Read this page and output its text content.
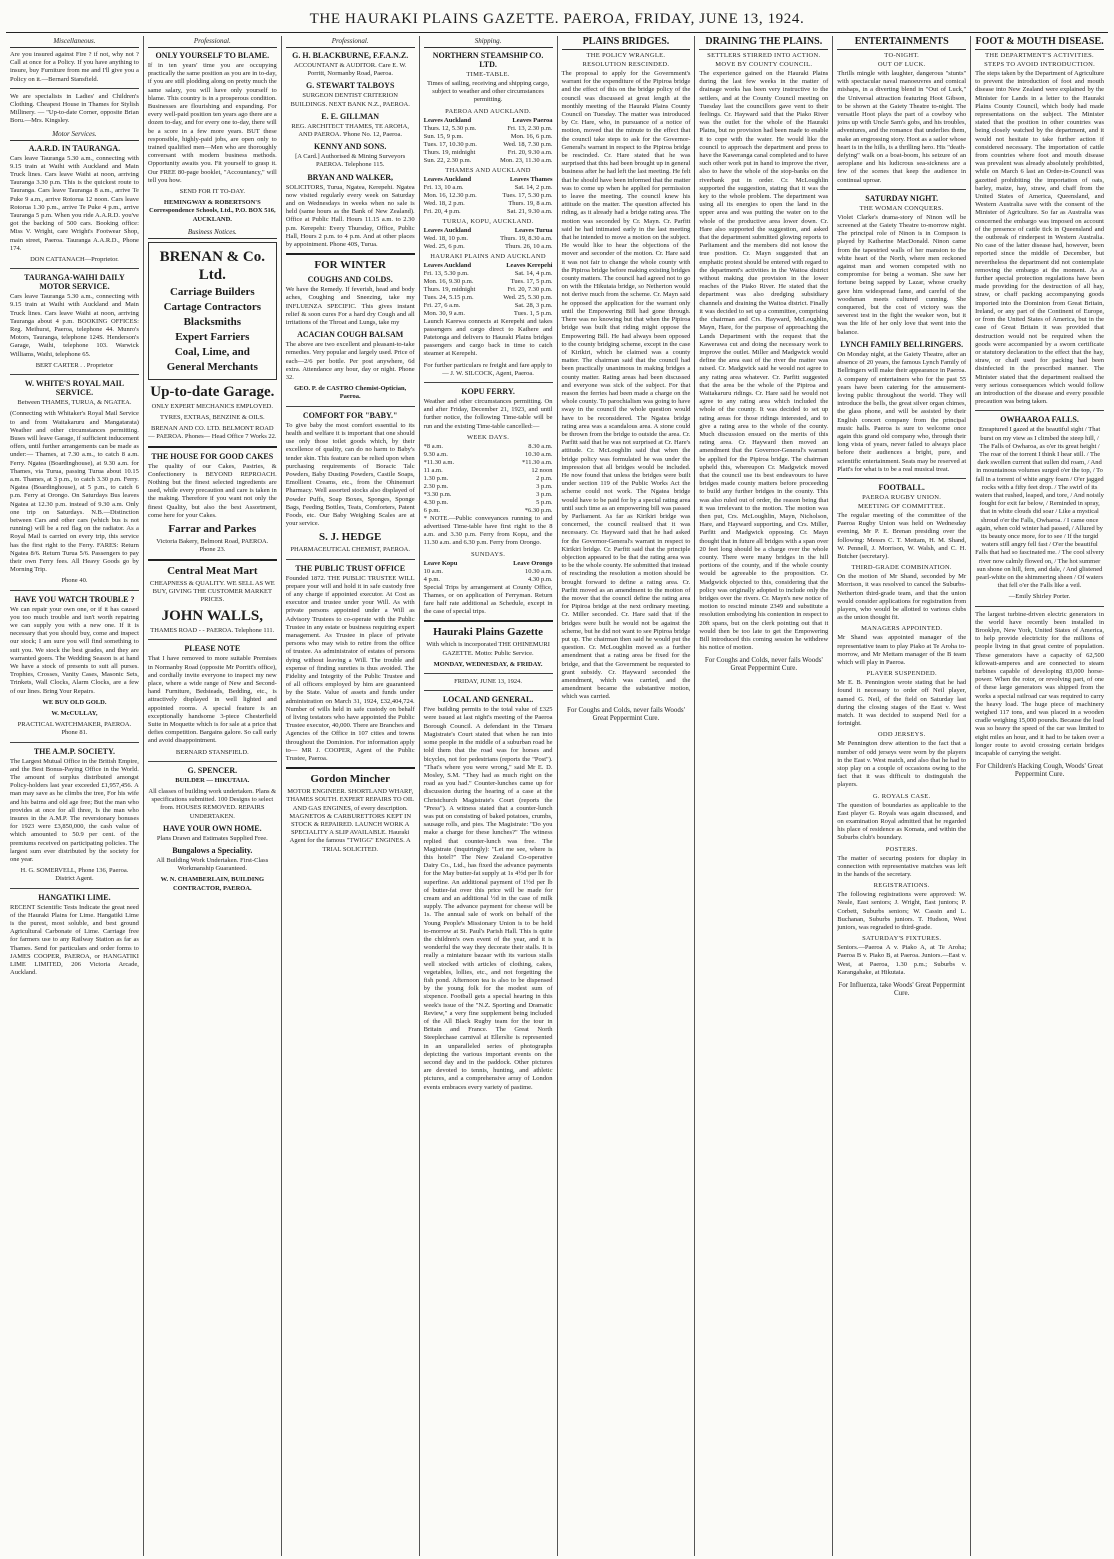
THE HAURAKI PLAINS GAZETTE. PAEROA, FRIDAY, JUNE 13, 1924.
Miscellaneous.

Are you insured against Fire ? if not, why not ? Call at once for a Policy. If you have anything to insure, buy Furniture from me and I'll give you a Policy on it.—Bernard Stansfield.

We are specialists in Ladies' and Children's Clothing. Cheapest House in Thames for Stylish Millinery. — "Up-to-date Corner, opposite Brian Boru.—Mrs. Kingsley.

Motor Services.
A.A.R.D. IN TAURANGA.

Cars leave Tauranga 5.30 a.m., connecting with 9.15 train at Waihi with Auckland and Main Truck lines. Cars leave Waihi at noon, arriving Tauranga 3.30 p.m. This is the quickest route to Tauranga. Cars leave Tauranga 8 a.m., arrive Te Puke 9 a.m., arrive Rotorua 12 noon. Cars leave Rotorua 1.30 p.m., arrive Te Puke 4 p.m., arrive Tauranga 5 p.m. When you ride A.A.R.D. you've got the backing of 500 cars. Booking office: Miss V. Wright, care Wright's Footwear Shop, main street, Paeroa. Tauranga A.A.R.D., Phone 174.

DON CATTANACH—Proprietor.

TAURANGA-WAIHI DAILY MOTOR SERVICE.

Cars leave Tauranga 5.30 a.m., connecting with 9.15 train at Waihi with Auckland and Main Truck lines. Cars leave Waihi at noon, arriving Tauranga about 4 p.m. BOOKING OFFICES: Reg. Meihurst, Paeroa, telephone 44. Munro's Motors, Tauranga, telephone 124S. Henderson's Garage, Waihi, telephone 103. Warwick Williams, Waihi, telephone 65.

BERT CARTER . . Proprietor

W. WHITE'S ROYAL MAIL SERVICE.

Between THAMES, TURUA, & NGATEA.

(Connecting with Whitaker's Royal Mail Service to and from Waitakaruru and Mangatarata) Weather and other circumstances permitting. Buses will leave Garage, if sufficient inducement offers, until further arrangements can be made as under:— Thames, at 7.30 a.m., to catch 8 a.m. Ferry. Ngatea (Boardinghouse), at 9.30 a.m. for Thames, via Turua, passing Turua about 10.15 a.m. Thames, at 3 p.m., to catch 3.30 p.m. Ferry. Ngatea (Boardinghouse), at 5 p.m., to catch 6 p.m. Ferry at Orongo. On Saturdays Bus leaves Ngatea at 12.30 p.m. instead of 9.30 a.m. Only one trip on Saturdays. N.B.—Distinction between Cars and other cars (which bus is not running) will be a red flag on the radiator. As a Royal Mail is carried on every trip, this service has the first right to the Ferry. FARES: Return Ngatea 8/6. Return Turua 5/6. Passengers to pay their own Ferry fees. All Heavy Goods go by Morning Trip.

Phone 40.

HAVE YOU WATCH TROUBLE ?

We can repair your own one, or if it has caused you too much trouble and isn't worth repairing we can supply you with a new one. If it is necessary that you should buy, come and inspect our stock; I am sure you will find something to suit you. We stock the best grades, and they are warranted goers. The Wedding Season is at hand We have a stock of presents to suit all purses. Trophies, Crosses, Vanity Cases, Masonic Sets, Trinkets, Wall Clocks, Alarm Clocks, are a few of our lines. Bring Your Repairs.

WE BUY OLD GOLD.

W. McCULLAY,

PRACTICAL WATCHMAKER, PAEROA. Phone 81.

THE A.M.P. SOCIETY.

The Largest Mutual Office in the British Empire, and the Best Bonus-Paying Office in the World. The amount of surplus distributed amongst Policy-holders last year exceeded £1,957,456. A man may save as he climbs the tree, For his wife and his bairns and old age free; But the man who provides at once for all three, Is the man who insures in the A.M.P. The reversionary bonuses for 1923 were £3,850,000, the cash value of which amounted to 50.9 per cent. of the premiums received on participating policies. The largest sum ever distributed by the society for one year.

H. G. SOMERVELL, Phone 136, Paeroa. District Agent.

HANGATIKI LIME.

RECENT Scientific Tests Indicate the great need of the Hauraki Plains for Lime. Hangatiki Lime is the purest, most soluble, and best ground Agricultural Carbonate of Lime. Carriage free for farmers use to any Railway Station as far as Thames. Send for particulars and order forms to JAMES COOPER, PAEROA, or HANGATIKI LIME LIMITED, 206 Victoria Arcade, Auckland.

Professional.
ONLY YOURSELF TO BLAME.

If in ten years' time you are occupying practically the same position as you are in to-day, if you are still plodding along on pretty much the same salary, you will have only yourself to blame. This country is in a prosperous condition. Businesses are flourishing and expanding. For every well-paid position ten years ago there are a dozen to-day, and for every one to-day, there will be a score in a few more years. BUT these responsible, highly-paid jobs, are open only to trained qualified men—Men who are thoroughly conversant with modern business methods. Opportunity awaits you. Fit yourself to grasp it. Our FREE 80-page booklet, "Accountancy," will tell you how.

SEND FOR IT TO-DAY.

HEMINGWAY & ROBERTSON'S Correspondence Schools, Ltd., P.O. BOX 516, AUCKLAND.

Business Notices.
BRENAN & Co. Ltd.
Carriage Builders
Cartage Contractors
Blacksmiths
Expert Farriers
Coal, Lime, and
General Merchants
Up-to-date Garage.

ONLY EXPERT MECHANICS EMPLOYED.

TYRES, EXTRAS, BENZINE & OILS.

BRENAN AND CO. LTD. BELMONT ROAD — PAEROA. Phones— Head Office 7 Works 22.

THE HOUSE FOR GOOD CAKES

The quality of our Cakes, Pastries, & Confectionery is BEYOND REPROACH. Nothing but the finest selected ingredients are used, while every precaution and care is taken in the making. Therefore if you want not only the finest Quality, but also the best Assortment, come here for your Cakes.

Farrar and Parkes

Victoria Bakery, Belmont Road, PAEROA. Phone 23.

Central Meat Mart

CHEAPNESS & QUALITY. WE SELL AS WE BUY, GIVING THE CUSTOMER MARKET PRICES.

JOHN WALLS,

THAMES ROAD - - PAEROA. Telephone 111.

PLEASE NOTE

That I have removed to more suitable Premises in Normanby Road (opposite Mr Porritt's office), and cordially invite everyone to inspect my new place, where a wide range of New and Second-hand Furniture, Bedsteads, Bedding, etc., is attractively displayed in well lighted and appointed rooms. A special feature is an exceptionally handsome 3-piece Chesterfield Suite in Moquette which is for sale at a price that defies competition. Bargains galore. So call early and avoid disappointment.

BERNARD STANSFIELD.

G. SPENCER.

BUILDER — HIKUTAIA.

All classes of building work undertaken. Plans & specifications submitted. 100 Designs to select from. HOUSES REMOVED. REPAIRS UNDERTAKEN.

HAVE YOUR OWN HOME.

Plans Drawn and Estimates Supplied Free.

Bungalows a Speciality.

All Building Work Undertaken. First-Class Workmanship Guaranteed.

W. N. CHAMBERLAIN, BUILDING CONTRACTOR, PAEROA.

Professional.
G. H. BLACKBURNE, F.F.A.N.Z.

ACCOUNTANT & AUDITOR. Care E. W. Porritt, Normanby Road, Paeroa.

G. STEWART TALBOYS

SURGEON DENTIST CRITERION BUILDINGS. NEXT BANK N.Z., PAEROA.

E. E. GILLMAN

REG. ARCHITECT THAMES, TE AROHA, AND PAEROA. 'Phone No. 12, Paeroa.

KENNY AND SONS.

[A Card.] Authorised & Mining Surveyors PAEROA. Telephone 115.

BRYAN AND WALKER,

SOLICITORS, Turua, Ngatea, Kerepehi. Ngatea now visited regularly every week on Saturday and on Wednesdays in weeks when no sale is held (same hours as the Bank of New Zealand). Office at Public Hall. Hours 11.15 a.m. to 2.30 p.m. Kerepehi: Every Thursday, Office, Public Hall, Hours 2 p.m. to 4 p.m. And at other places by appointment. Phone 40S, Turua.

FOR WINTER
COUGHS AND COLDS.

We have the Remedy. If feverish, head and body aches, Coughing and Sneezing, take my INFLUENZA SPECIFIC. This gives instant relief & soon cures For a hard dry Cough and all irritations of the Throat and Lungs, take my

ACACIAN COUGH BALSAM

The above are two excellent and pleasant-to-take remedies. Very popular and largely used. Price of each—2/6 per bottle. Per post anywhere, 6d extra. Attendance any hour, day or night. Phone 32.

GEO. P. de CASTRO Chemist-Optician, Paeroa.

COMFORT FOR "BABY."

To give baby the most comfort essential to its health and welfare it is important that one should use only those toilet goods which, by their excellence of quality, can do no harm to Baby's tender skin. This feature can be relied upon when purchasing requirements of Boracic Talc Powders, Baby Dusting Powders, Castile Soaps, Emollient Creams, etc., from the Ohinemuri Pharmacy. Well assorted stocks also displayed of Powder Puffs, Soap Boxes, Sponges, Sponge Bags, Feeding Bottles, Teats, Comforters, Patent Foods, etc. Our Baby Weighing Scales are at your service.

S. J. HEDGE

PHARMACEUTICAL CHEMIST, PAEROA.

THE PUBLIC TRUST OFFICE

Founded 1872. THE PUBLIC TRUSTEE WILL prepare your will and hold it in safe custody free of any charge if appointed executor. At Cost as executor and trustee under your Will. As with private persons appointed under a Will as Advisory Trustees to co-operate with the Public Trustee in any estate or business requiring expert management. As Trustee in place of private persons who may wish to retire from the office of trustee. As administrator of estates of persons dying without leaving a Will. The trouble and expense of finding sureties is thus avoided. The Fidelity and Integrity of the Public Trustee and of all officers employed by him are guaranteed by the State. Value of assets and funds under administration on March 31, 1924, £32,404,724. Number of wills held in safe custody on behalf of living testators who have appointed the Public Trustee executor, 40,000. There are Branches and Agencies of the Office in 107 cities and towns throughout the Dominion. For information apply to— MR J. COOPER, Agent of the Public Trustee, Paeroa.

Gordon Mincher

MOTOR ENGINEER. SHORTLAND WHARF, THAMES SOUTH. EXPERT REPAIRS TO OIL AND GAS ENGINES, of every description. MAGNETOS & CARBURETTORS KEPT IN STOCK & REPAIRED. LAUNCH WORK A SPECIALITY A SLIP AVAILABLE. Hauraki Agent for the famous "TWIGG" ENGINES. A TRIAL SOLICITED.

Shipping.
NORTHERN STEAMSHIP CO. LTD.
TIME-TABLE.

Times of sailing, receiving and shipping cargo, subject to weather and other circumstances permitting.

PAEROA AND AUCKLAND.
Leaves Auckland	Leaves Paeroa
Thurs. 12, 5.30 p.m.	Fri. 13, 2.30 p.m.
Sun. 15, 9 p.m.	Mon. 16, 6 p.m.
Tues. 17, 10.30 p.m.	Wed. 18, 7.30 p.m.
Thurs. 19, midnight	Fri. 20, 9.30 a.m.
Sun. 22, 2.30 p.m.	Mon. 23, 11.30 a.m.
THAMES AND AUCKLAND
Leaves Auckland	Leaves Thames
Fri. 13, 10 a.m.	Sat. 14, 2 p.m.
Mon. 16, 12.30 p.m.	Tues. 17, 5.30 p.m.
Wed. 18, 2 p.m.	Thurs. 19, 8 a.m.
Fri. 20, 4 p.m.	Sat. 21, 9.30 a.m.
TURUA, KOPU, AUCKLAND.
Leaves Auckland	Leaves Turua
Wed. 18, 10 p.m.	Thurs. 19, 8.30 a.m.
Wed. 25, 6 p.m.	Thurs. 26, 10 a.m.
HAURAKI PLAINS AND AUCKLAND
Leaves Auckland	Leaves Kerepehi
Fri. 13, 5.30 p.m.	Sat. 14, 4 p.m.
Mon. 16, 9.30 p.m.	Tues. 17, 5 p.m.
Thurs. 19, midnight	Fri. 20, 7.30 p.m.
Tues. 24, 5.15 p.m.	Wed. 25, 5.30 p.m.
Fri. 27, 6 a.m.	Sat. 28, 3 p.m.
Mon. 30, 9 a.m.	Tues. 1, 5 p.m.

Launch Karewa connects at Kerepehi and takes passengers and cargo direct to Kaihere and Patetonga and delivers to Hauraki Plains bridges passengers and cargo back in time to catch steamer at Kerepehi.

For further particulars re freight and fare apply to— J. W. SILCOCK, Agent, Paeroa.

KOPU FERRY.

Weather and other circumstances permitting. On and after Friday, December 21, 1923, and until further notice, the following Time-table will be run and the existing Time-table cancelled:—

WEEK DAYS.
*8 a.m.	8.30 a.m.
9.30 a.m.	10.30 a.m.
*11.30 a.m.	*11.30 a.m.
11 a.m.	12 noon
1.30 p.m.	2 p.m.
2.30 p.m.	3 p.m.
*3.30 p.m.	3 p.m.
4.30 p.m.	5 p.m.
6 p.m.	*6.30 p.m.

* NOTE.—Public conveyances running to and advertised Time-table have first right to the 8 a.m. and 3.30 p.m. Ferry from Kopu, and the 11.30 a.m. and 6.30 p.m. Ferry from Orongo.

SUNDAYS.
Leave Kopu	Leave Orongo
10 a.m.	10.30 a.m.
4 p.m.	4.30 p.m.

Special Trips by arrangement at County Office, Thames, or on application of Ferryman. Return fare half rate additional as Schedule, except in the case of special trips.

Hauraki Plains Gazette

With which is incorporated THE OHINEMURI GAZETTE. Motto: Public Service.

MONDAY, WEDNESDAY, & FRIDAY.

FRIDAY, JUNE 13, 1924.

LOCAL AND GENERAL.

Five building permits to the total value of £325 were issued at last night's meeting of the Paeroa Borough Council. A defendant in the Timaru Magistrate's Court stated that when he ran into some people in the middle of a suburban road he told them that the road was for horses and bicycles, not for pedestrians (reports the "Post"). "That's where you were wrong," said Mr E. D. Mosley, S.M. "They had as much right on the road as you had." Counter-lunches came up for discussion during the hearing of a case at the Christchurch Magistrate's Court (reports the "Press"). A witness stated that a counter-lunch was put on consisting of baked potatoes, crumbs, sausage rolls, and pies. The Magistrate: "Do you make a charge for these lunches?" The witness replied that counter-lunch was free. The Magistrate (inquiringly): "Let me see, where is this hotel?" The New Zealand Co-operative Dairy Co., Ltd., has fixed the advance payments for the May butter-fat supply at 1s 4½d per lb for superfine. An additional payment of 1½d per lb of butter-fat over this price will be made for cream and an additional ½d in the case of milk supply. The advance payment for cheese will be 1s. The annual sale of work on behalf of the Young People's Missionary Union is to be held to-morrow at St. Paul's Parish Hall. This is quite the children's own event of the year, and it is wonderful the way they decorate their stalls. It is really a miniature bazaar with its various stalls well stocked with articles of clothing, cakes, vegetables, lollies, etc., and not forgetting the fish pond. Afternoon tea is also to be dispensed by the young folk for the modest sum of sixpence. Football gets a special hearing in this week's issue of the "N.Z. Sporting and Dramatic Review," a very fine supplement being included of the All Black Rugby team for the tour in Britain and France. The Great North Steeplechase carnival at Ellerslie is represented in an unparalleled series of photographs depicting the various important events on the second day and in the paddock. Other pictures are devoted to tennis, hunting, and athletic pictures, and a comprehensive array of London events embraces every variety of pastime.

PLAINS BRIDGES.
THE POLICY WRANGLE.
RESOLUTION RESCINDED.

The proposal to apply for the Government's warrant for the expenditure of the Pipiroa bridge and the effect of this on the bridge policy of the council was discussed at great length at the monthly meeting of the Hauraki Plains County Council on Tuesday. The matter was introduced by Cr. Hare, who, in pursuance of a notice of motion, moved that the minute to the effect that the council take steps to ask for the Governor-General's warrant in respect to the Pipiroa bridge be rescinded. Cr. Hare stated that he was surprised that this had been brought up in general business after he had left the last meeting. He felt that he should have been informed that the matter was to come up when he applied for permission to leave the meeting. The council knew his attitude on the matter. The question affected his riding, as it already had a bridge rating area. The motion was seconded by Cr. Mayn. Cr. Parfitt said he had intimated early in the last meeting that he intended to move a motion on the subject. He would like to hear the objections of the mover and seconder of the motion. Cr. Hare said it was not fair to change the whole county with the Pipiroa bridge before making existing bridges county matters. The council had agreed not to go on with the Hikutaia bridge, so Netherton would not derive much from the scheme. Cr. Mayn said he opposed the application for the warrant only until the Empowering Bill had gone through. There was no knowing but that when the Pipiroa bridge was built that riding might oppose the Empowering Bill. He had always been opposed to the county bridging scheme, except in the case of Kirikiri, which he claimed was a county matter. The chairman said that the council had been practically unanimous in making bridges a county matter. Rating areas had been discussed and everyone was sick of the subject. For that reason the ferries had been made a charge on the whole county. To parochialism was going to have sway in the council the whole question would have to be reconsidered. The Ngatea bridge rating area was a scandalous area. A stone could be thrown from the bridge to outside the area. Cr. Parfitt said that he was not surprised at Cr. Hare's attitude. Cr. McLoughlin said that when the bridge policy was formulated he was under the impression that all bridges would be included. He now found that unless the bridges were built under section 119 of the Public Works Act the scheme could not work. The Ngatea bridge would have to be paid for by a special rating area until such time as an empowering bill was passed by Parliament. As far as Kirikiri bridge was concerned, the council realised that it was necessary. Cr. Hayward said that he had asked for the Governor-General's warrant in respect to Kirikiri bridge. Cr. Parfitt said that the principle objection appeared to be that the rating area was to be the whole county. He submitted that instead of rescinding the resolution a motion should be brought forward to define a rating area. Cr. Parfitt moved as an amendment to the motion of the mover that the council define the rating area for Pipiroa bridge at the next ordinary meeting. Cr. Miller seconded. Cr. Hare said that if the bridges were built he would not be against the scheme, but he did not want to see Pipiroa bridge put up. The chairman then said he would put the question. Cr. McLoughlin moved as a further amendment that a rating area be fixed for the bridge, and that the Government be requested to grant subsidy. Cr. Hayward seconded the amendment, which was carried, and the amendment became the substantive motion, which was carried.

For Coughs and Colds, never fails Woods' Great Peppermint Cure.
DRAINING THE PLAINS.
SETTLERS STIRRED INTO ACTION.
MOVE BY COUNTY COUNCIL.

The experience gained on the Hauraki Plains during the last few weeks in the matter of drainage works has been very instructive to the settlers, and at the County Council meeting on Tuesday last the councillors gave vent to their feelings. Cr. Hayward said that the Piako River was the outlet for the whole of the Hauraki Plains, but no provision had been made to enable it to cope with the water. He would like the council to approach the department and press to have the Kaweranga canal completed and to have such other work put in hand to improve the river, also to have the whole of the stop-banks on the riverbank put in order. Cr. McLoughlin supported the suggestion, stating that it was the key to the whole problem. The department was using all its energies to open the land in the upper area and was putting the water on to the whole of the productive area lower down. Cr. Hare also supported the suggestion, and asked that the department submitted glowing reports to Parliament and the members did not know the true position. Cr. Mayn suggested that an emphatic protest should be entered with regard to the department's activities in the Waitoa district without making due provision in the lower reaches of the Piako River. He stated that the department was also dredging subsidiary channels and draining the Waitoa district. Finally it was decided to set up a committee, comprising the chairman and Crs. Hayward, McLoughlin, Mayn, Hare, for the purpose of approaching the Lands Department with the request that the Kawerawa cut and doing the necessary work to improve the outlet. Miller and Madgwick would define the area east of the river the matter was raised. Cr. Madgwick said he would not agree to any rating area whatever. Cr. Parfitt suggested that the area be the whole of the Pipiroa and Waitakaruru ridings. Cr. Hare said he would not agree to any rating area which included the whole of the county. It was decided to set up rating areas for those ridings interested, and to give a rating area to the whole of the county. Much discussion ensued on the merits of this rating area. Cr. Hayward then moved an amendment that the Governor-General's warrant be applied for the Pipiroa bridge. The chairman upheld this, whereupon Cr. Madgwick moved that the council use its best endeavours to have bridges made county matters before proceeding to build any further bridges in the county. This was also ruled out of order, the reason being that it was irrelevant to the motion. The motion was then put, Crs. McLoughlin, Mayn, Nicholson, Hare, and Hayward supporting, and Crs. Miller, Parfitt and Madgwick opposing. Cr. Mayn thought that in future all bridges with a span over 20 feet long should be a charge over the whole county. There were many bridges in the hill portions of the county, and if the whole county would be agreeable to the proposition. Cr. Madgwick objected to this, considering that the policy was originally adopted to include only the bridges over the rivers. Cr. Mayn's new notice of motion to rescind minute 2349 and substitute a resolution embodying his contention in respect to 20ft spans, but on the clerk pointing out that it would then be too late to get the Empowering Bill introduced this coming session he withdrew his notice of motion.

For Coughs and Colds, never fails Woods' Great Peppermint Cure.
ENTERTAINMENTS
TO-NIGHT.
OUT OF LUCK.

Thrills mingle with laughter, dangerous "stunts" with spectacular naval manoeuvres and comical mishaps, in a diverting blend in "Out of Luck," the Universal attraction featuring Hoot Gibson, to be shown at the Gaiety Theatre to-night. The versatile Hoot plays the part of a cowboy who joins up with Uncle Sam's gobs, and his troubles, adventures, and the romance that underlies them, make an engrossing story. Hoot as a sailor whose heart is in the hills, is a thrilling hero. His "death-defying" walk on a boat-boom, his seizure of an aeroplane and his ludicrous sea-sickness are a few of the scenes that keep the audience in continual uproar.

SATURDAY NIGHT.
THE WOMAN CONQUERS.

Violet Clarke's drama-story of Ninon will be screened at the Gaiety Theatre to-morrow night. The principal role of Ninon is in Compson is played by Katherine MacDonald. Ninon came from the tapestried walls of her mansion to the white heart of the North, where men reckoned against man and women competed with no compromise for being a woman. She saw her fortune being sapped by Lazar, whose cruelty gave him widespread fame, and careful of the woodsman meets cultured cunning. She conquered, but the cost of victory was the severest test in the fight the weaker won, but it was the life of her only love that went into the balance.

LYNCH FAMILY BELLRINGERS.

On Monday night, at the Gaiety Theatre, after an absence of 20 years, the famous Lynch Family of Bellringers will make their appearance in Paeroa. A company of entertainers who for the past 55 years have been catering for the amusement-loving public throughout the world. They will introduce the bells, the great silver organ chimes, the glass phone, and will be assisted by their English concert company from the principal music halls. Paeroa is sure to welcome once again this grand old company who, through their long vista of years, never failed to always place before their audiences a bright, pure, and scientific entertainment. Seats may be reserved at Platt's for what is to be a real musical treat.

FOOTBALL.
PAEROA RUGBY UNION.
MEETING OF COMMITTEE.

The regular meeting of the committee of the Paeroa Rugby Union was held on Wednesday evening, Mr P. E. Brenan presiding over the following: Messrs C. T. Mettam, H. M. Shand, W. Pennell, J. Morrison, W. Walsh, and C. H. Butcher (secretary).

THIRD-GRADE COMBINATION.

On the motion of Mr Shand, seconded by Mr Morrison, it was resolved to cancel the Suburbs-Netherton third-grade team, and that the union would consider applications for registration from players, who would be allotted to various clubs as the union thought fit.

MANAGERS APPOINTED.

Mr Shand was appointed manager of the representative team to play Piako at Te Aroha to-morrow, and Mr Mettam manager of the B team which will play in Paeroa.

PLAYER SUSPENDED.

Mr E. B. Pennington wrote stating that he had found it necessary to order off Neil player, named G. Neil, of the field on Saturday last during the closing stages of the East v. West match. It was decided to suspend Neil for a fortnight.

ODD JERSEYS.

Mr Pennington drew attention to the fact that a number of odd jerseys were worn by the players in the East v. West match, and also that he had to stop play on a couple of occasions owing to the fact that it was difficult to distinguish the players.

G. ROYALS CASE.

The question of boundaries as applicable to the East player G. Royals was again discussed, and on examination Royal admitted that he regarded his place of residence as Komata, and within the Suburbs club's boundary.

POSTERS.

The matter of securing posters for display in connection with representative matches was left in the hands of the secretary.

REGISTRATIONS.

The following registrations were approved: W. Neale, East seniors; J. Wright, East juniors; P. Corbett, Suburbs seniors; W. Cassin and L. Buchanan, Suburbs juniors. T. Hudson, West juniors, was regraded to third-grade.

SATURDAY'S FIXTURES.

Seniors.—Paeroa A v. Piako A, at Te Aroha; Paeroa B v. Piako B, at Paeroa. Juniors.—East v. West, at Paeroa, 1.30 p.m.; Suburbs v. Karangahake, at Hikutaia.

For Influenza, take Woods' Great Peppermint Cure.
FOOT & MOUTH DISEASE.
THE DEPARTMENT'S ACTIVITIES.
STEPS TO AVOID INTRODUCTION.

The steps taken by the Department of Agriculture to prevent the introduction of foot and mouth disease into New Zealand were explained by the Minister for Lands in a letter to the Hauraki Plains County Council, which body had made representations on the subject. The Minister stated that the position in other countries was being closely watched by the department, and it would not hesitate to take further action if considered necessary. The importation of cattle from countries where foot and mouth disease was prevalent was already absolutely prohibited, while on March 6 last an Order-in-Council was gazetted prohibiting the importation of oats, barley, maize, hay, straw, and chaff from the United States of America, Queensland, and Western Australia save with the consent of the Minister of Agriculture. So far as Australia was concerned the embargo was imposed on account of the presence of cattle tick in Queensland and the outbreak of rinderpest in Western Australia. No case of the latter disease had, however, been reported since the middle of December, but nevertheless the department did not contemplate removing the embargo at the moment. As a further special protection regulations have been made providing for the destruction of all hay, straw, or chaff packing accompanying goods imported into the Dominion from Great Britain, Ireland, or any part of the Continent of Europe, or from the United States of America, but in the case of Great Britain it was provided that destruction would not be required when the goods were accompanied by a sworn certificate or statutory declaration to the effect that the hay, straw, or chaff used for packing had been disinfected in the prescribed manner. The Minister stated that the department realised the very serious consequences which would follow an introduction of the disease and every possible precaution was being taken.

OWHAAROA FALLS.

Enraptured I gazed at the beautiful sight / That burst on my view as I climbed the steep hill, / The Falls of Owharoa, as o'er its great height / The roar of the torrent I think I hear still. / The dark swollen current that sullen did roam, / And in mountainous volumes surged o'er the top, / To fall in a torrent of white angry foam / O'er jagged rocks with a fifty feet drop. / The swirl of its waters that rushed, leaped, and tore, / And noisily fought for exit far below, / Reminded in spray, that in white clouds did soar / Like a mystical shroud o'er the Falls, Owharoa. / I came once again, when cold winter had passed, / Allured by its beauty once more, for to see / If the turgid waters still angry fell fast / O'er the beautiful Falls that had so fascinated me. / The cool silvery river now calmly flowed on, / The hot summer sun shone on hill, fern, and dale, / And glistened pearl-white on the shimmering sheen / Of waters that fell o'er the Falls like a veil.

—Emily Shirley Porter.

The largest turbine-driven electric generators in the world have recently been installed in Brooklyn, New York, United States of America, to help provide electricity for the millions of people living in that great centre of population. These generators have a capacity of 62,500 kilowatt-amperes and are connected to steam turbines capable of developing 83,000 horse-power. When the rotor, or revolving part, of one of these large generators was shipped from the works a special railroad car was required to carry the heavy load. The huge piece of machinery weighed 117 tons, and was placed in a wooden cradle weighing 15,000 pounds. Because the load was so heavy the speed of the car was limited to eight miles an hour, and it had to be taken over a longer route to avoid crossing certain bridges incapable of carrying the weight.

For Children's Hacking Cough, Woods' Great Peppermint Cure.
